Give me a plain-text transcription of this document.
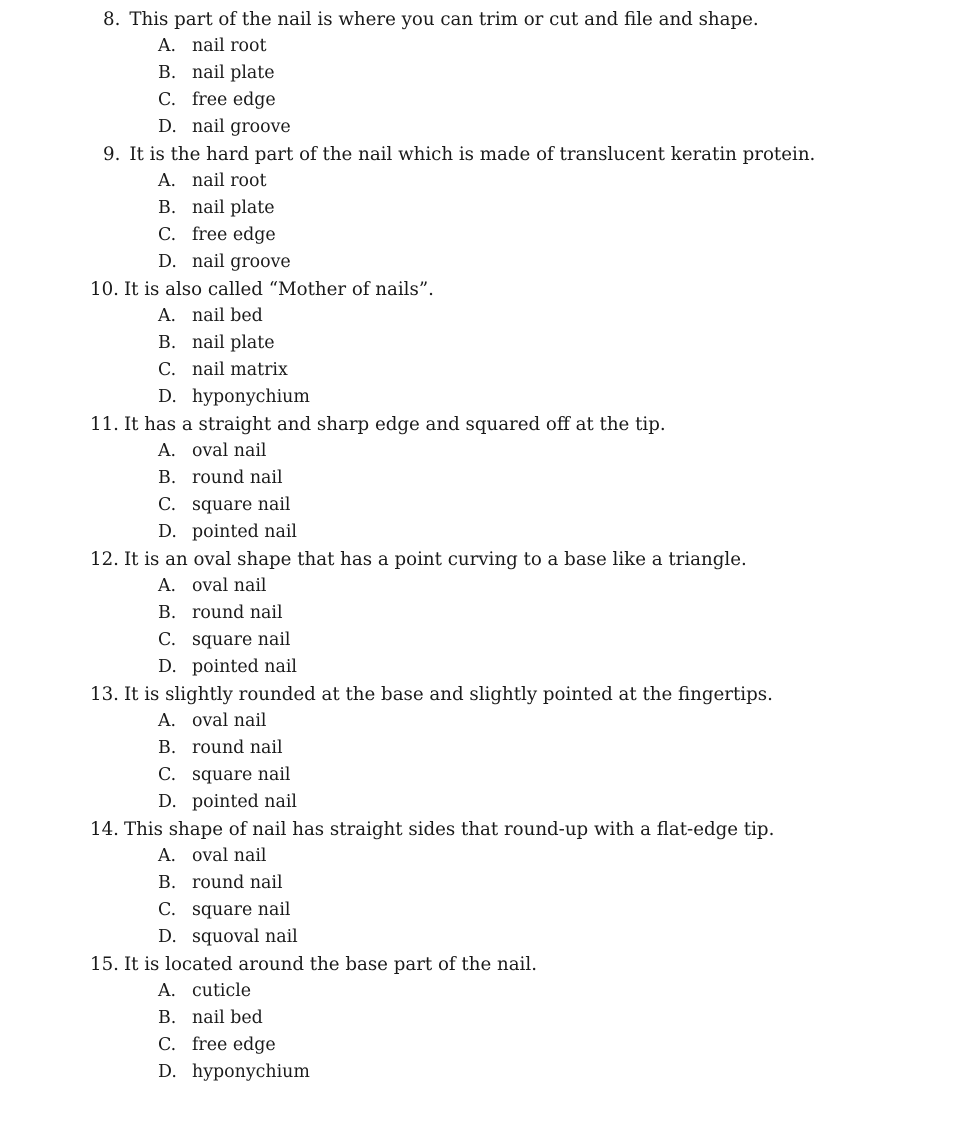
8. This part of the nail is where you can trim or cut and file and shape.
A. nail root
B. nail plate
C. free edge
D. nail groove
9. It is the hard part of the nail which is made of translucent keratin protein.
A. nail root
B. nail plate
C. free edge
D. nail groove
10. It is also called “Mother of nails”.
A. nail bed
B. nail plate
C. nail matrix
D. hyponychium
11. It has a straight and sharp edge and squared off at the tip.
A. oval nail
B. round nail
C. square nail
D. pointed nail
12. It is an oval shape that has a point curving to a base like a triangle.
A. oval nail
B. round nail
C. square nail
D. pointed nail
13. It is slightly rounded at the base and slightly pointed at the fingertips.
A. oval nail
B. round nail
C. square nail
D. pointed nail
14. This shape of nail has straight sides that round-up with a flat-edge tip.
A. oval nail
B. round nail
C. square nail
D. squoval nail
15. It is located around the base part of the nail.
A. cuticle
B. nail bed
C. free edge
D. hyponychium
